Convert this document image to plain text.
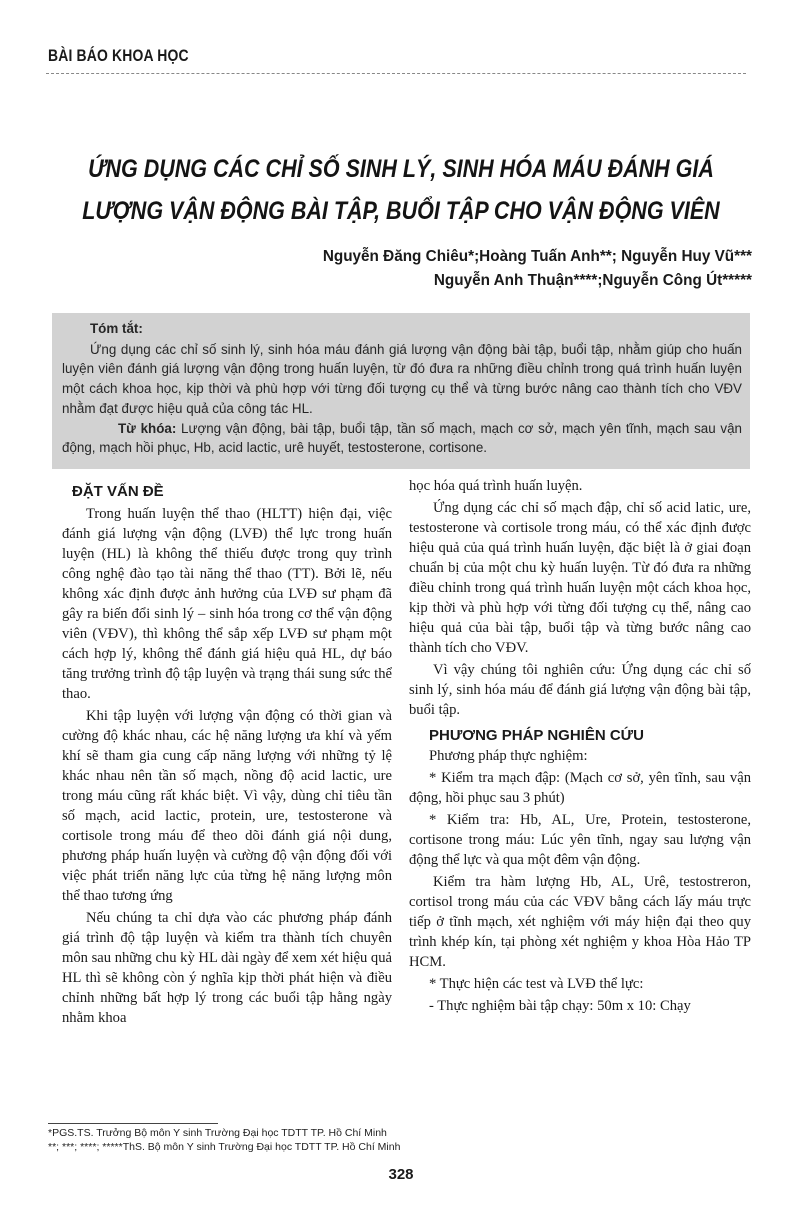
BÀI BÁO KHOA HỌC
ỨNG DỤNG CÁC CHỈ SỐ SINH LÝ, SINH HÓA MÁU ĐÁNH GIÁ
LƯỢNG VẬN ĐỘNG BÀI TẬP, BUỔI TẬP CHO VẬN ĐỘNG VIÊN
Nguyễn Đăng Chiêu*;Hoàng Tuấn Anh**; Nguyễn Huy Vũ***
Nguyễn Anh Thuận****;Nguyễn Công Út*****
Tóm tắt:
Ứng dụng các chỉ số sinh lý, sinh hóa máu đánh giá lượng vận động bài tập, buổi tập, nhằm giúp cho huấn luyện viên đánh giá lượng vận động trong huấn luyện, từ đó đưa ra những điều chỉnh trong quá trình huấn luyện một cách khoa học, kịp thời và phù hợp với từng đối tượng cụ thể và từng bước nâng cao thành tích cho VĐV nhằm đạt được hiệu quả của công tác HL.
Từ khóa: Lượng vận động, bài tập, buổi tập, tần số mạch, mạch cơ sở, mạch yên tĩnh, mạch sau vận động, mạch hồi phục, Hb, acid lactic, urê huyết, testosterone, cortisone.
ĐẶT VẤN ĐỀ

Trong huấn luyện thể thao (HLTT) hiện đại, việc đánh giá lượng vận động (LVĐ) thể lực trong huấn luyện (HL) là không thể thiếu được trong quy trình công nghệ đào tạo tài năng thể thao (TT). Bởi lẽ, nếu không xác định được ảnh hưởng của LVĐ sư phạm đã gây ra biến đổi sinh lý – sinh hóa trong cơ thể vận động viên (VĐV), thì không thể sắp xếp LVĐ sư phạm một cách hợp lý, không thể đánh giá hiệu quả HL, dự báo tăng trưởng trình độ tập luyện và trạng thái sung sức thể thao.

Khi tập luyện với lượng vận động có thời gian và cường độ khác nhau, các hệ năng lượng ưa khí và yếm khí sẽ tham gia cung cấp năng lượng với những tỷ lệ khác nhau nên tần số mạch, nồng độ acid lactic, ure trong máu cũng rất khác biệt. Vì vậy, dùng chỉ tiêu tần số mạch, acid lactic, protein, ure, testosterone và cortisole trong máu để theo dõi đánh giá nội dung, phương pháp huấn luyện và cường độ vận động đối với việc phát triển năng lực của từng hệ năng lượng môn thể thao tương ứng

Nếu chúng ta chỉ dựa vào các phương pháp đánh giá trình độ tập luyện và kiểm tra thành tích chuyên môn sau những chu kỳ HL dài ngày để xem xét hiệu quả HL thì sẽ không còn ý nghĩa kịp thời phát hiện và điều chỉnh những bất hợp lý trong các buổi tập hằng ngày nhằm khoa

học hóa quá trình huấn luyện.

Ứng dụng các chỉ số mạch đập, chỉ số acid latic, ure, testosterone và cortisole trong máu, có thể xác định được hiệu quả của quá trình huấn luyện, đặc biệt là ở giai đoạn chuẩn bị của một chu kỳ huấn luyện. Từ đó đưa ra những điều chỉnh trong quá trình huấn luyện một cách khoa học, kịp thời và phù hợp với từng đối tượng cụ thể, nâng cao hiệu quả của bài tập, buổi tập và từng bước nâng cao thành tích cho VĐV.

Vì vậy chúng tôi nghiên cứu: Ứng dụng các chỉ số sinh lý, sinh hóa máu để đánh giá lượng vận động bài tập, buổi tập.

PHƯƠNG PHÁP NGHIÊN CỨU

Phương pháp thực nghiệm:

* Kiểm tra mạch đập: (Mạch cơ sở, yên tĩnh, sau vận động, hồi phục sau 3 phút)

* Kiểm tra: Hb, AL, Ure, Protein, testosterone, cortisone trong máu: Lúc yên tĩnh, ngay sau lượng vận động thể lực và qua một đêm vận động.

Kiểm tra hàm lượng Hb, AL, Urê, testostreron, cortisol trong máu của các VĐV bằng cách lấy máu trực tiếp ở tĩnh mạch, xét nghiệm với máy hiện đại theo quy trình khép kín, tại phòng xét nghiệm y khoa Hòa Hảo TP HCM.

* Thực hiện các test và LVĐ thể lực:

- Thực nghiệm bài tập chạy: 50m x 10: Chạy

*PGS.TS. Trưởng Bộ môn Y sinh Trường Đại học TDTT TP. Hồ Chí Minh
**; ***; ****; *****ThS. Bộ môn Y sinh Trường Đại học TDTT TP. Hồ Chí Minh
328
